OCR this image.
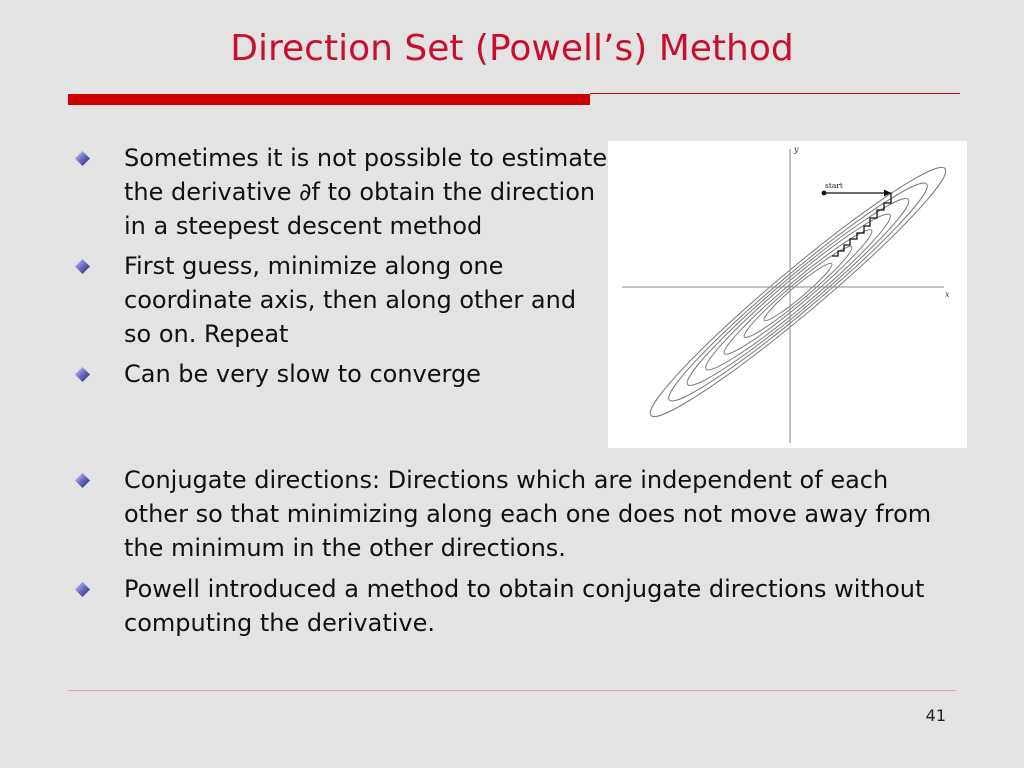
Direction Set (Powell’s) Method
Sometimes it is not possible to estimate the derivative ∂f to obtain the direction in a steepest descent method
First guess, minimize along one coordinate axis, then along other and so on. Repeat
Can be very slow to converge
start
y
x
Conjugate directions: Directions which are independent of each other so that minimizing along each one does not move away from the minimum in the other directions.
Powell introduced a method to obtain conjugate directions without computing the derivative.
41
